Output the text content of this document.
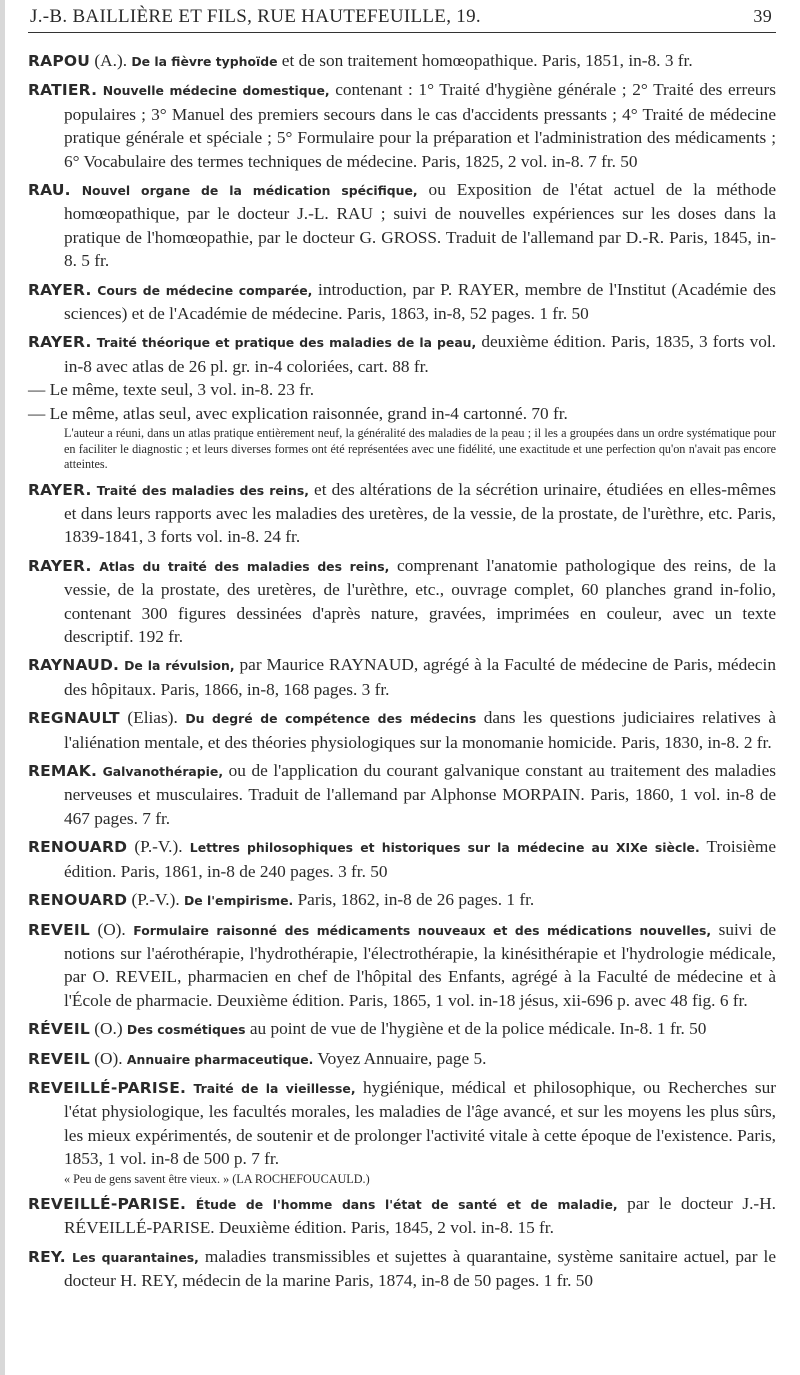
J.-B. BAILLIÈRE ET FILS, RUE HAUTEFEUILLE, 19.	39

RAPOU (A.). De la fièvre typhoïde et de son traitement homœopathique. Paris, 1851, in-8. 3 fr.

RATIER. Nouvelle médecine domestique, contenant : 1° Traité d'hygiène générale ; 2° Traité des erreurs populaires ; 3° Manuel des premiers secours dans le cas d'accidents pressants ; 4° Traité de médecine pratique générale et spéciale ; 5° Formulaire pour la préparation et l'administration des médicaments ; 6° Vocabulaire des termes techniques de médecine. Paris, 1825, 2 vol. in-8. 7 fr. 50

RAU. Nouvel organe de la médication spécifique, ou Exposition de l'état actuel de la méthode homœopathique, par le docteur J.-L. RAU ; suivi de nouvelles expériences sur les doses dans la pratique de l'homœopathie, par le docteur G. GROSS. Traduit de l'allemand par D.-R. Paris, 1845, in-8. 5 fr.

RAYER. Cours de médecine comparée, introduction, par P. RAYER, membre de l'Institut (Académie des sciences) et de l'Académie de médecine. Paris, 1863, in-8, 52 pages. 1 fr. 50

RAYER. Traité théorique et pratique des maladies de la peau, deuxième édition. Paris, 1835, 3 forts vol. in-8 avec atlas de 26 pl. gr. in-4 coloriées, cart. 88 fr.
— Le même, texte seul, 3 vol. in-8. 23 fr.
— Le même, atlas seul, avec explication raisonnée, grand in-4 cartonné. 70 fr.
L'auteur a réuni, dans un atlas pratique entièrement neuf, la généralité des maladies de la peau ; il les a groupées dans un ordre systématique pour en faciliter le diagnostic ; et leurs diverses formes ont été représentées avec une fidélité, une exactitude et une perfection qu'on n'avait pas encore atteintes.

RAYER. Traité des maladies des reins, et des altérations de la sécrétion urinaire, étudiées en elles-mêmes et dans leurs rapports avec les maladies des uretères, de la vessie, de la prostate, de l'urèthre, etc. Paris, 1839-1841, 3 forts vol. in-8. 24 fr.

RAYER. Atlas du traité des maladies des reins, comprenant l'anatomie pathologique des reins, de la vessie, de la prostate, des uretères, de l'urèthre, etc., ouvrage complet, 60 planches grand in-folio, contenant 300 figures dessinées d'après nature, gravées, imprimées en couleur, avec un texte descriptif. 192 fr.

RAYNAUD. De la révulsion, par Maurice RAYNAUD, agrégé à la Faculté de médecine de Paris, médecin des hôpitaux. Paris, 1866, in-8, 168 pages. 3 fr.

REGNAULT (Elias). Du degré de compétence des médecins dans les questions judiciaires relatives à l'aliénation mentale, et des théories physiologiques sur la monomanie homicide. Paris, 1830, in-8. 2 fr.

REMAK. Galvanothérapie, ou de l'application du courant galvanique constant au traitement des maladies nerveuses et musculaires. Traduit de l'allemand par Alphonse MORPAIN. Paris, 1860, 1 vol. in-8 de 467 pages. 7 fr.

RENOUARD (P.-V.). Lettres philosophiques et historiques sur la médecine au XIXe siècle. Troisième édition. Paris, 1861, in-8 de 240 pages. 3 fr. 50

RENOUARD (P.-V.). De l'empirisme. Paris, 1862, in-8 de 26 pages. 1 fr.

REVEIL (O). Formulaire raisonné des médicaments nouveaux et des médications nouvelles, suivi de notions sur l'aérothérapie, l'hydrothérapie, l'électrothérapie, la kinésithérapie et l'hydrologie médicale, par O. REVEIL, pharmacien en chef de l'hôpital des Enfants, agrégé à la Faculté de médecine et à l'École de pharmacie. Deuxième édition. Paris, 1865, 1 vol. in-18 jésus, xii-696 p. avec 48 fig. 6 fr.

RÉVEIL (O.) Des cosmétiques au point de vue de l'hygiène et de la police médicale. In-8. 1 fr. 50

REVEIL (O). Annuaire pharmaceutique. Voyez Annuaire, page 5.

REVEILLÉ-PARISE. Traité de la vieillesse, hygiénique, médical et philosophique, ou Recherches sur l'état physiologique, les facultés morales, les maladies de l'âge avancé, et sur les moyens les plus sûrs, les mieux expérimentés, de soutenir et de prolonger l'activité vitale à cette époque de l'existence. Paris, 1853, 1 vol. in-8 de 500 p. 7 fr.
« Peu de gens savent être vieux. » (LA ROCHEFOUCAULD.)

REVEILLÉ-PARISE. Étude de l'homme dans l'état de santé et de maladie, par le docteur J.-H. RÉVEILLÉ-PARISE. Deuxième édition. Paris, 1845, 2 vol. in-8. 15 fr.

REY. Les quarantaines, maladies transmissibles et sujettes à quarantaine, système sanitaire actuel, par le docteur H. REY, médecin de la marine Paris, 1874, in-8 de 50 pages. 1 fr. 50
